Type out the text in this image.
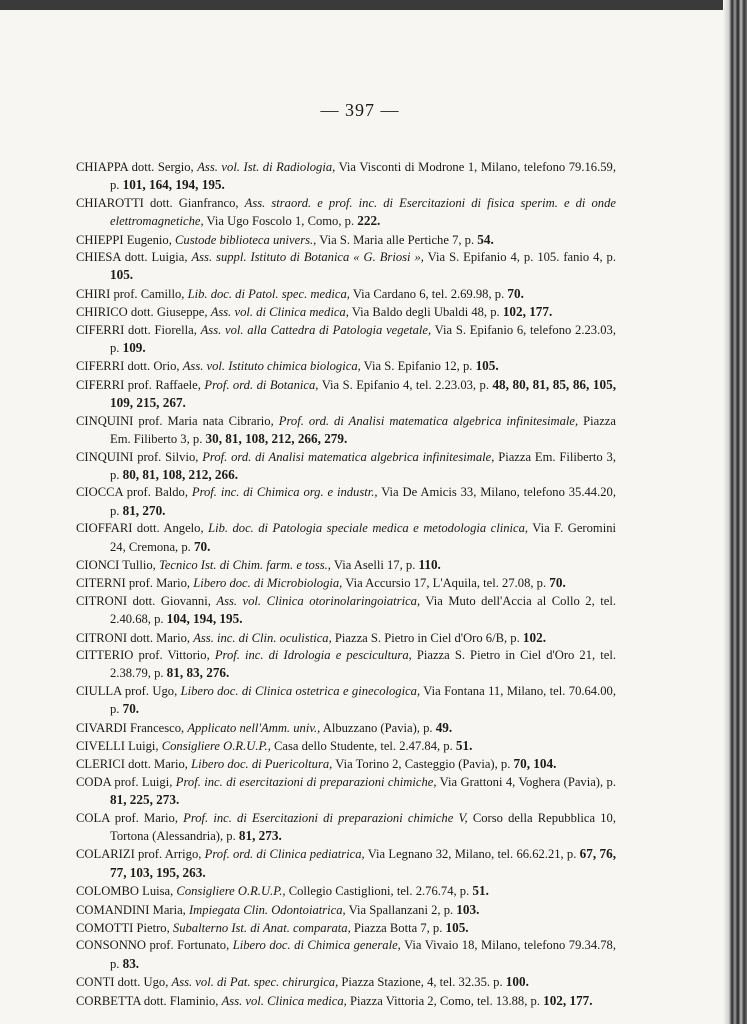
— 397 —
CHIAPPA dott. Sergio, Ass. vol. Ist. di Radiologia, Via Visconti di Modrone 1, Milano, telefono 79.16.59, p. 101, 164, 194, 195.
CHIAROTTI dott. Gianfranco, Ass. straord. e prof. inc. di Esercitazioni di fisica sperim. e di onde elettromagnetiche, Via Ugo Foscolo 1, Como, p. 222.
CHIEPPI Eugenio, Custode biblioteca univers., Via S. Maria alle Pertiche 7, p. 54.
CHIESA dott. Luigia, Ass. suppl. Istituto di Botanica « G. Briosi », Via S. Epifanio 4, p. 105. fanio 4, p. 105.
CHIRI prof. Camillo, Lib. doc. di Patol. spec. medica, Via Cardano 6, tel. 2.69.98, p. 70.
CHIRICO dott. Giuseppe, Ass. vol. di Clinica medica, Via Baldo degli Ubaldi 48, p. 102, 177.
CIFERRI dott. Fiorella, Ass. vol. alla Cattedra di Patologia vegetale, Via S. Epifanio 6, telefono 2.23.03, p. 109.
CIFERRI dott. Orio, Ass. vol. Istituto chimica biologica, Via S. Epifanio 12, p. 105.
CIFERRI prof. Raffaele, Prof. ord. di Botanica, Via S. Epifanio 4, tel. 2.23.03, p. 48, 80, 81, 85, 86, 105, 109, 215, 267.
CINQUINI prof. Maria nata Cibrario, Prof. ord. di Analisi matematica algebrica infinitesimale, Piazza Em. Filiberto 3, p. 30, 81, 108, 212, 266, 279.
CINQUINI prof. Silvio, Prof. ord. di Analisi matematica algebrica infinitesimale, Piazza Em. Filiberto 3, p. 80, 81, 108, 212, 266.
CIOCCA prof. Baldo, Prof. inc. di Chimica org. e industr., Via De Amicis 33, Milano, telefono 35.44.20, p. 81, 270.
CIOFFARI dott. Angelo, Lib. doc. di Patologia speciale medica e metodologia clinica, Via F. Geromini 24, Cremona, p. 70.
CIONCI Tullio, Tecnico Ist. di Chim. farm. e toss., Via Aselli 17, p. 110.
CITERNI prof. Mario, Libero doc. di Microbiologia, Via Accursio 17, L'Aquila, tel. 27.08, p. 70.
CITRONI dott. Giovanni, Ass. vol. Clinica otorinolaringoiatrica, Via Muto dell'Accia al Collo 2, tel. 2.40.68, p. 104, 194, 195.
CITRONI dott. Mario, Ass. inc. di Clin. oculistica, Piazza S. Pietro in Ciel d'Oro 6/B, p. 102.
CITTERIO prof. Vittorio, Prof. inc. di Idrologia e pescicultura, Piazza S. Pietro in Ciel d'Oro 21, tel. 2.38.79, p. 81, 83, 276.
CIULLA prof. Ugo, Libero doc. di Clinica ostetrica e ginecologica, Via Fontana 11, Milano, tel. 70.64.00, p. 70.
CIVARDI Francesco, Applicato nell'Amm. univ., Albuzzano (Pavia), p. 49.
CIVELLI Luigi, Consigliere O.R.U.P., Casa dello Studente, tel. 2.47.84, p. 51.
CLERICI dott. Mario, Libero doc. di Puericoltura, Via Torino 2, Casteggio (Pavia), p. 70, 104.
CODA prof. Luigi, Prof. inc. di esercitazioni di preparazioni chimiche, Via Grattoni 4, Voghera (Pavia), p. 81, 225, 273.
COLA prof. Mario, Prof. inc. di Esercitazioni di preparazioni chimiche V, Corso della Repubblica 10, Tortona (Alessandria), p. 81, 273.
COLARIZI prof. Arrigo, Prof. ord. di Clinica pediatrica, Via Legnano 32, Milano, tel. 66.62.21, p. 67, 76, 77, 103, 195, 263.
COLOMBO Luisa, Consigliere O.R.U.P., Collegio Castiglioni, tel. 2.76.74, p. 51.
COMANDINI Maria, Impiegata Clin. Odontoiatrica, Via Spallanzani 2, p. 103.
COMOTTI Pietro, Subalterno Ist. di Anat. comparata, Piazza Botta 7, p. 105.
CONSONNO prof. Fortunato, Libero doc. di Chimica generale, Via Vivaio 18, Milano, telefono 79.34.78, p. 83.
CONTI dott. Ugo, Ass. vol. di Pat. spec. chirurgica, Piazza Stazione, 4, tel. 32.35. p. 100.
CORBETTA dott. Flaminio, Ass. vol. Clinica medica, Piazza Vittoria 2, Como, tel. 13.88, p. 102, 177.
